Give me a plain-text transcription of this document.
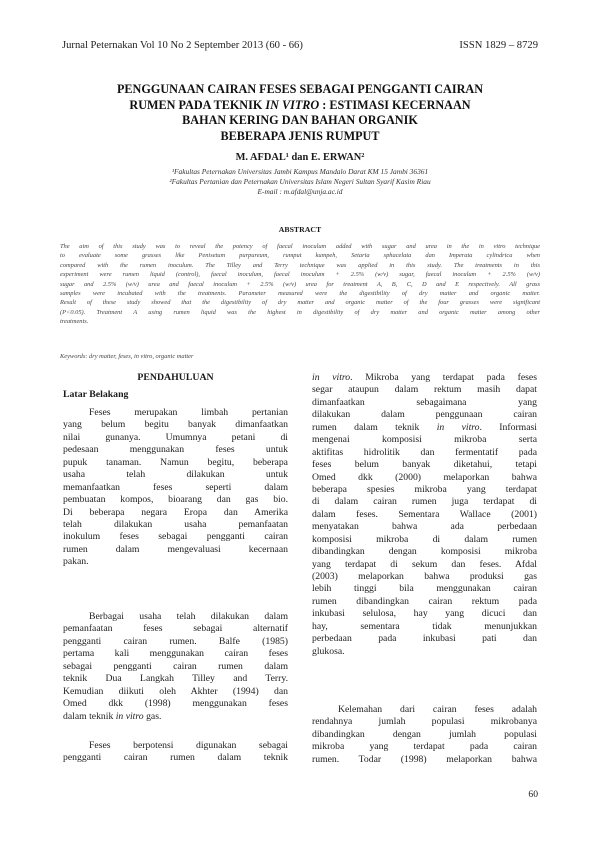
Jurnal Peternakan Vol 10 No 2 September 2013 (60 - 66)	ISSN 1829 – 8729
PENGGUNAAN CAIRAN FESES SEBAGAI PENGGANTI CAIRAN
RUMEN PADA TEKNIK IN VITRO : ESTIMASI KECERNAAN
BAHAN KERING DAN BAHAN ORGANIK
BEBERAPA JENIS RUMPUT
M. AFDAL¹ dan E. ERWAN²
¹Fakultas Peternakan Universitas Jambi Kampus Mandalo Darat KM 15 Jambi 36361
²Fakultas Pertanian dan Peternakan Universitas Islam Negeri Sultan Syarif Kasim Riau
E-mail : m.afdal@unja.ac.id
ABSTRACT
The aim of this study was to reveal the potency of faecal inoculum added with sugar and urea in the in vitro technique
to evaluate some grasses like Penisetum purpureum, rumput kumpeh, Setaria sphacelata dan Imperata cylindrica when
compared with the rumen inoculum. The Tilley and Terry technique was applied in this study. The treatments in this
experiment were rumen liquid (control), faecal inoculum, faecal inoculum + 2.5% (w/v) sugar, faecal inoculum + 2.5% (w/v)
sugar and 2.5% (w/v) urea and faecal inoculum + 2.5% (w/v) urea for treatment A, B, C, D and E respectively. All grass
samples were incubated with the treatments. Parameter measured were the digestibility of dry matter and organic matter.
Result of these study showed that the digestibility of dry matter and organic matter of the four grasses were significant
(P<0.05). Treatment A using rumen liquid was the highest in digestibility of dry matter and organic matter among other
treatments.
Keywords: dry matter, feses, in vitro, organic matter
PENDAHULUAN
Latar Belakang
Feses merupakan limbah pertanian
yang belum begitu banyak dimanfaatkan
nilai gunanya. Umumnya petani di
pedesaan menggunakan feses untuk
pupuk tanaman. Namun begitu, beberapa
usaha          telah          dilakukan          untuk
memanfaatkan feses seperti dalam
pembuatan kompos, bioarang dan gas bio.
Di beberapa negara Eropa dan Amerika
telah dilakukan usaha pemanfaatan
inokulum feses sebagai pengganti cairan
rumen dalam mengevaluasi kecernaan
pakan.
Berbagai usaha telah dilakukan dalam
pemanfaatan feses sebagai alternatif
pengganti cairan rumen. Balfe (1985)
pertama kali menggunakan cairan feses
sebagai pengganti cairan rumen dalam
teknik Dua Langkah Tilley and Terry.
Kemudian diikuti oleh Akhter (1994) dan
Omed dkk (1998) menggunakan feses
dalam teknik in vitro gas.
Feses berpotensi digunakan sebagai
pengganti cairan rumen dalam teknik
in vitro. Mikroba yang terdapat pada feses
segar ataupun dalam rektum masih dapat
dimanfaatkan                sebagaimana                yang
dilakukan dalam penggunaan cairan
rumen dalam teknik in vitro. Informasi
mengenai komposisi mikroba serta
aktifitas hidrolitik dan fermentatif pada
feses belum banyak diketahui, tetapi
Omed dkk (2000) melaporkan bahwa
beberapa spesies mikroba yang terdapat
di dalam cairan rumen juga terdapat di
dalam feses. Sementara Wallace (2001)
menyatakan bahwa ada perbedaan
komposisi mikroba di dalam rumen
dibandingkan dengan komposisi mikroba
yang terdapat di sekum dan feses. Afdal
(2003) melaporkan bahwa produksi gas
lebih tinggi bila menggunakan cairan
rumen dibandingkan cairan rektum pada
inkubasi selulosa, hay yang dicuci dan
hay, sementara tidak menunjukkan
perbedaan pada inkubasi pati dan
glukosa.
Kelemahan dari cairan feses adalah
rendahnya jumlah populasi mikrobanya
dibandingkan dengan jumlah populasi
mikroba yang terdapat pada cairan
rumen. Todar (1998) melaporkan bahwa
60
